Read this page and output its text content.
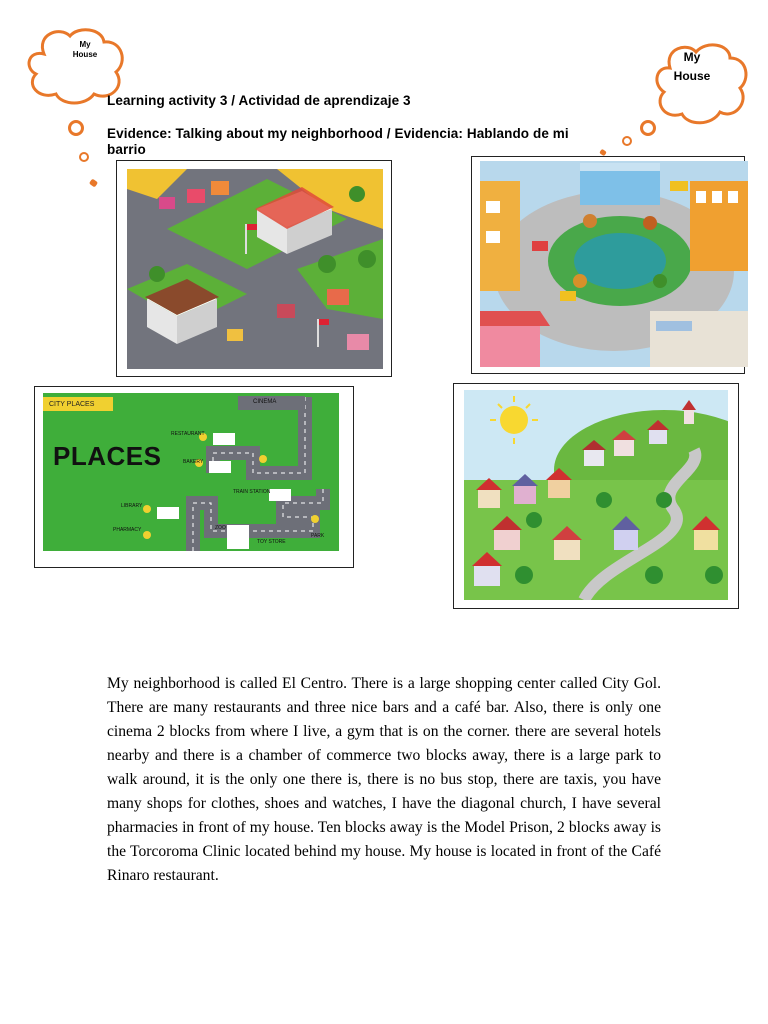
My
House	My
House
Learning activity 3 / Actividad de aprendizaje 3
Evidence: Talking about my neighborhood / Evidencia: Hablando de mi
barrio
CITY PLACES
PLACES
CINEMA
RESTAURANT
BAKERY
TRAIN STATION
LIBRARY
PHARMACY	ZOO
TOY STORE
PARK
My neighborhood is called El Centro. There is a large shopping center called City Gol. There are many restaurants and three nice bars and a café bar. Also, there is only one cinema 2 blocks from where I live, a gym that is on the corner. there are several hotels nearby and there is a chamber of commerce two blocks away, there is a large park to walk around, it is the only one there is, there is no bus stop, there are taxis, you have many shops for clothes, shoes and watches, I have the diagonal church, I have several pharmacies in front of my house. Ten blocks away is the Model Prison, 2 blocks away is the Torcoroma Clinic located behind my house. My house is located in front of the Café Rinaro restaurant.
